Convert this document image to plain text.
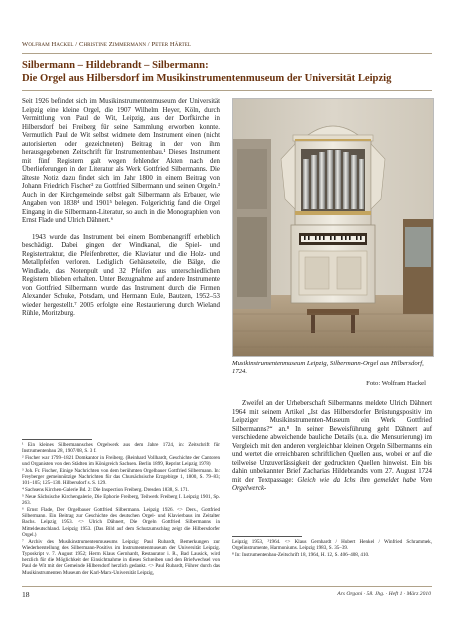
Wolfram Hackel / Christine Zimmermann / Peter Härtel
Silbermann – Hildebrandt – Silbermann:
Die Orgel aus Hilbersdorf im Musikinstrumentenmuseum der Universität Leipzig

Seit 1926 befindet sich im Musikinstrumentenmuseum der Universität Leipzig eine kleine Orgel, die 1907 Wilhelm Heyer, Köln, durch Vermittlung von Paul de Wit, Leipzig, aus der Dorfkirche in Hilbersdorf bei Freiberg für seine Sammlung erworben konnte. Vermutlich Paul de Wit selbst widmete dem Instrument einen (nicht autorisierten oder gezeichneten) Beitrag in der von ihm herausgegebenen Zeitschrift für Instrumentenbau.¹ Dieses Instrument mit fünf Registern galt wegen fehlender Akten nach den Überlieferungen in der Literatur als Werk Gottfried Silbermanns. Die älteste Notiz dazu findet sich im Jahr 1800 in einem Beitrag von Johann Friedrich Fischer² zu Gottfried Silbermann und seinen Orgeln.³ Auch in der Kirchgemeinde selbst galt Silbermann als Erbauer, wie Angaben von 1838⁴ und 1901⁵ belegen. Folgerichtig fand die Orgel Eingang in die Silbermann-Literatur, so auch in die Monographien von Ernst Flade und Ulrich Dähnert.⁶

1943 wurde das Instrument bei einem Bombenangriff erheblich beschädigt. Dabei gingen der Windkanal, die Spiel- und Registertraktur, die Pfeifenbretter, die Klaviatur und die Holz- und Metallpfeifen verloren. Lediglich Gehäuseteile, die Bälge, die Windlade, das Notenpult und 32 Pfeifen aus unterschiedlichen Registern blieben erhalten. Unter Bezugnahme auf andere Instrumente von Gottfried Silbermann wurde das Instrument durch die Firmen Alexander Schuke, Potsdam, und Hermann Eule, Bautzen, 1952–53 wieder hergestellt.⁷ 2005 erfolgte eine Restaurierung durch Wieland Rühle, Moritzburg.

¹ Ein kleines Silbermannsches Orgelwerk aus dem Jahre 1724, in: Zeitschrift für Instrumentenbau 28, 1907/08, S. 3 f.

² Fischer war 1799–1821 Domkantor in Freiberg. (Reinhard Vollhardt, Geschichte der Cantoren und Organisten von den Städten im Königreich Sachsen. Berlin 1899, Reprint Leipzig 1978)

³ Joh. Fr. Fischer, Einige Nachrichten von dem berühmten Orgelbauer Gottfried Silbermann. In: Freyberger gemeinnützige Nachrichten für das Chursächsische Erzgebirge 1, 1800, S. 79–83; 101–105; 125–130. Hilbersdorf s. S. 129.

⁴ Sachsens Kirchen-Galerie Bd. 2: Die Inspection Freiberg. Dresden 1838, S. 171.

⁵ Neue Sächsische Kirchengalerie, Die Ephorie Freiberg, Teilwerk Freiberg I. Leipzig 1901, Sp. 263.

⁶ Ernst Flade, Der Orgelbauer Gottfried Silbermann. Leipzig 1926. <> Ders., Gottfried Silbermann. Ein Beitrag zur Geschichte des deutschen Orgel- und Klavierbaus im Zeitalter Bachs. Leipzig 1953. <> Ulrich Dähnert, Die Orgeln Gottfried Silbermanns in Mitteldeutschland. Leipzig 1953. (Das Bild auf dem Schutzumschlag zeigt die Hilbersdorfer Orgel.)

⁷ Archiv des Musikinstrumentenmuseums Leipzig: Paul Rubardt, Bemerkungen zur Wiederherstellung des Silbermann-Positivs im Instrumentenmuseum der Universität Leipzig. Typoskript v. 7. August 1952; Herrn Klaus Gernhardt, Restaurator i. R., Bad Lausick, wird herzlich für die Möglichkeit der Einsichtnahme in dieses Schreiben und den Briefwechsel von Paul de Wit mit der Gemeinde Hilbersdorf herzlich gedankt. <> Paul Rubardt, Führer durch das Musikinstrumenten Museum der Karl-Marx-Universität Leipzig,

Musikinstrumentenmuseum Leipzig, Silbermann-Orgel aus Hilbersdorf, 1724.
Foto: Wolfram Hackel

Zweifel an der Urheberschaft Silbermanns meldete Ulrich Dähnert 1964 mit seinem Artikel „Ist das Hilbersdorfer Brüstungspositiv im Leipziger Musikinstrumenten-Museum ein Werk Gottfried Silbermanns?“ an.⁸ In seiner Beweisführung geht Dähnert auf verschiedene abweichende bauliche Details (u.a. die Mensurierung) im Vergleich mit den anderen vergleichbar kleinen Orgeln Silbermanns ein und wertet die erreichbaren schriftlichen Quellen aus, wobei er auf die teilweise Unzuverlässigkeit der gedruckten Quellen hinweist. Ein bis dahin unbekannter Brief Zacharias Hildebrandts vom 27. August 1724 mit der Textpassage: Gleich wie da Ichs ihm gemeldet habe Vom Orgelwerck-

Leipzig 1953, ²1964. <> Klaus Gernhardt / Hubert Henkel / Winfried Schrammek, Orgelinstrumente, Harmoniums. Leipzig 1983, S. 35–39.

⁸ In: Instrumentenbau-Zeitschrift 18, 1964, H. 12, S. 406–408, 410.

18	Ars Organi · 58. Jhg. · Heft 1 · März 2010
